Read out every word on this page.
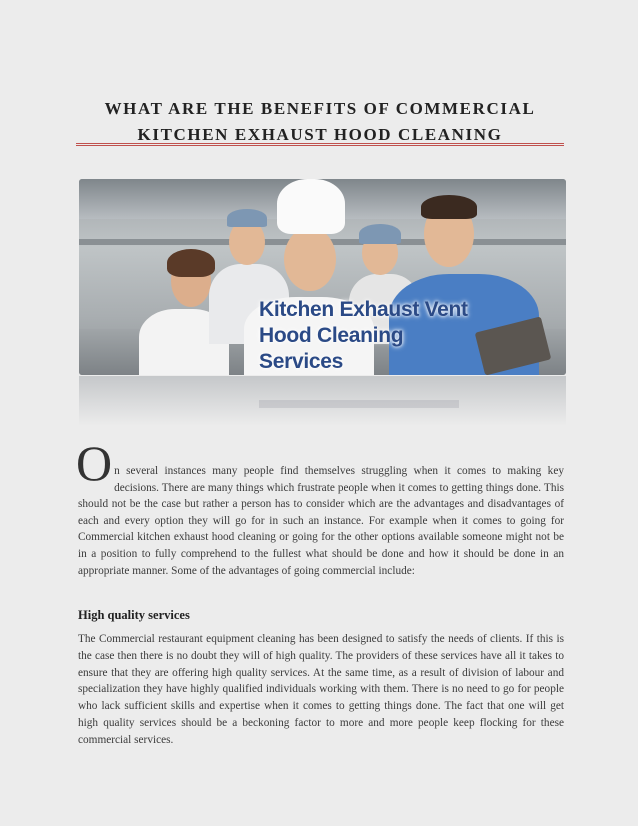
WHAT ARE THE BENEFITS OF COMMERCIAL KITCHEN EXHAUST HOOD CLEANING
Kitchen Exhaust Vent
Hood Cleaning Services
O n several instances many people find themselves struggling when it comes to making key decisions. There are many things which frustrate people when it comes to getting things done. This should not be the case but rather a person has to consider which are the advantages and disadvantages of each and every option they will go for in such an instance. For example when it comes to going for Commercial kitchen exhaust hood cleaning or going for the other options available someone might not be in a position to fully comprehend to the fullest what should be done and how it should be done in an appropriate manner. Some of the advantages of going commercial include:
High quality services
The Commercial restaurant equipment cleaning has been designed to satisfy the needs of clients. If this is the case then there is no doubt they will of high quality. The providers of these services have all it takes to ensure that they are offering high quality services. At the same time, as a result of division of labour and specialization they have highly qualified individuals working with them. There is no need to go for people who lack sufficient skills and expertise when it comes to getting things done. The fact that one will get high quality services should be a beckoning factor to more and more people keep flocking for these commercial services.
